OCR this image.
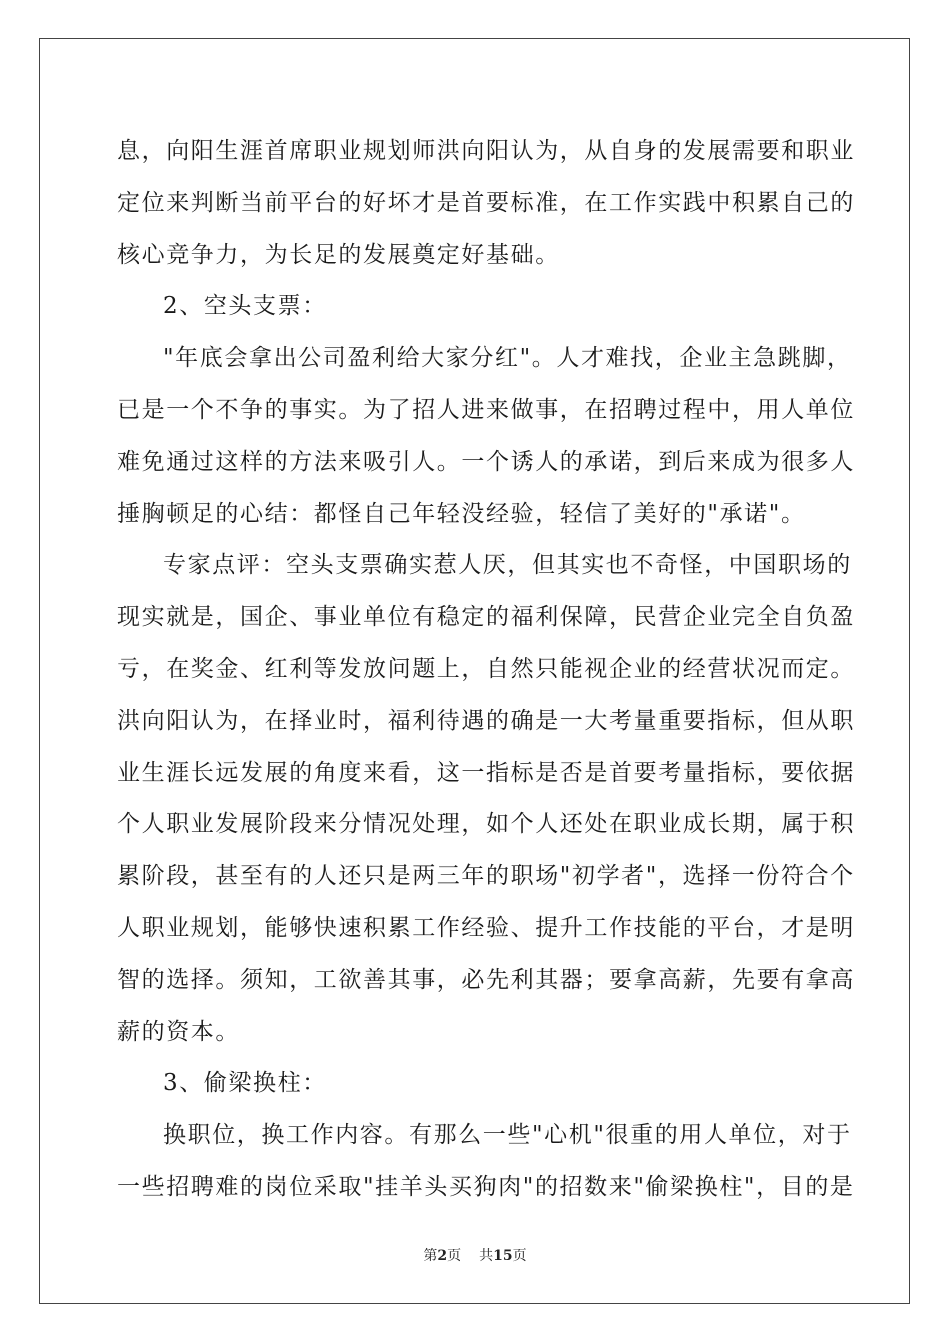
息，向阳生涯首席职业规划师洪向阳认为，从自身的发展需要和职业
定位来判断当前平台的好坏才是首要标准，在工作实践中积累自己的
核心竞争力，为长足的发展奠定好基础。
2、空头支票：
"年底会拿出公司盈利给大家分红"。人才难找，企业主急跳脚，
已是一个不争的事实。为了招人进来做事，在招聘过程中，用人单位
难免通过这样的方法来吸引人。一个诱人的承诺，到后来成为很多人
捶胸顿足的心结：都怪自己年轻没经验，轻信了美好的"承诺"。
专家点评：空头支票确实惹人厌，但其实也不奇怪，中国职场的
现实就是，国企、事业单位有稳定的福利保障，民营企业完全自负盈
亏，在奖金、红利等发放问题上，自然只能视企业的经营状况而定。
洪向阳认为，在择业时，福利待遇的确是一大考量重要指标，但从职
业生涯长远发展的角度来看，这一指标是否是首要考量指标，要依据
个人职业发展阶段来分情况处理，如个人还处在职业成长期，属于积
累阶段，甚至有的人还只是两三年的职场"初学者"，选择一份符合个
人职业规划，能够快速积累工作经验、提升工作技能的平台，才是明
智的选择。须知，工欲善其事，必先利其器；要拿高薪，先要有拿高
薪的资本。
3、偷梁换柱：
换职位，换工作内容。有那么一些"心机"很重的用人单位，对于
一些招聘难的岗位采取"挂羊头买狗肉"的招数来"偷梁换柱"，目的是
第2页 共15页
